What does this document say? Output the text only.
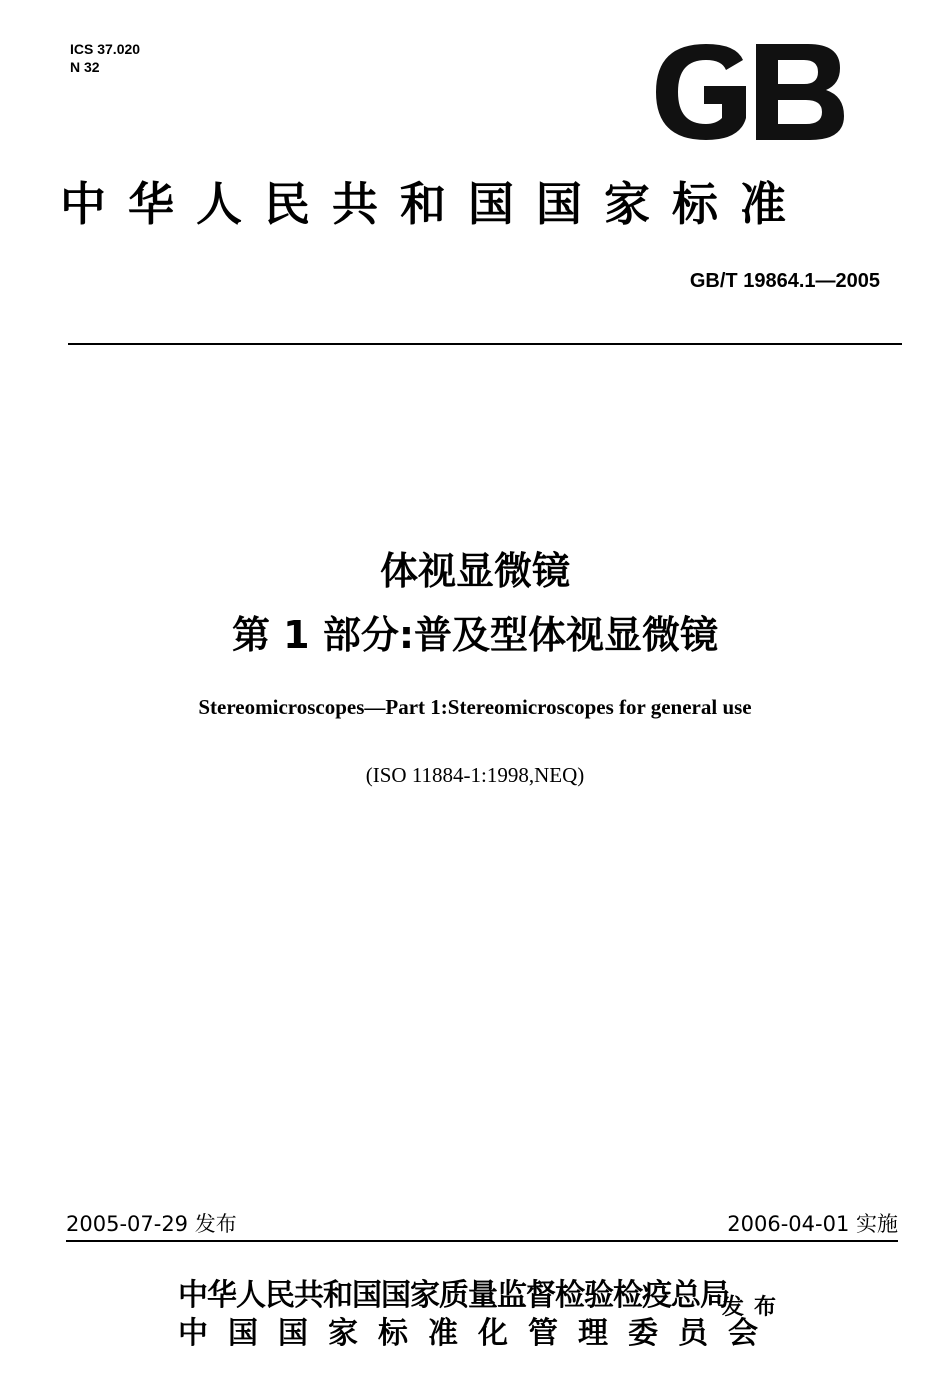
ICS 37.020
N 32
中华人民共和国国家标准
GB/T 19864.1—2005
体视显微镜
第 1 部分:普及型体视显微镜
Stereomicroscopes—Part 1:Stereomicroscopes for general use
(ISO 11884-1:1998,NEQ)
2005-07-29 发布	2006-04-01 实施
中华人民共和国国家质量监督检验检疫总局
中国国家标准化管理委员会
发布
